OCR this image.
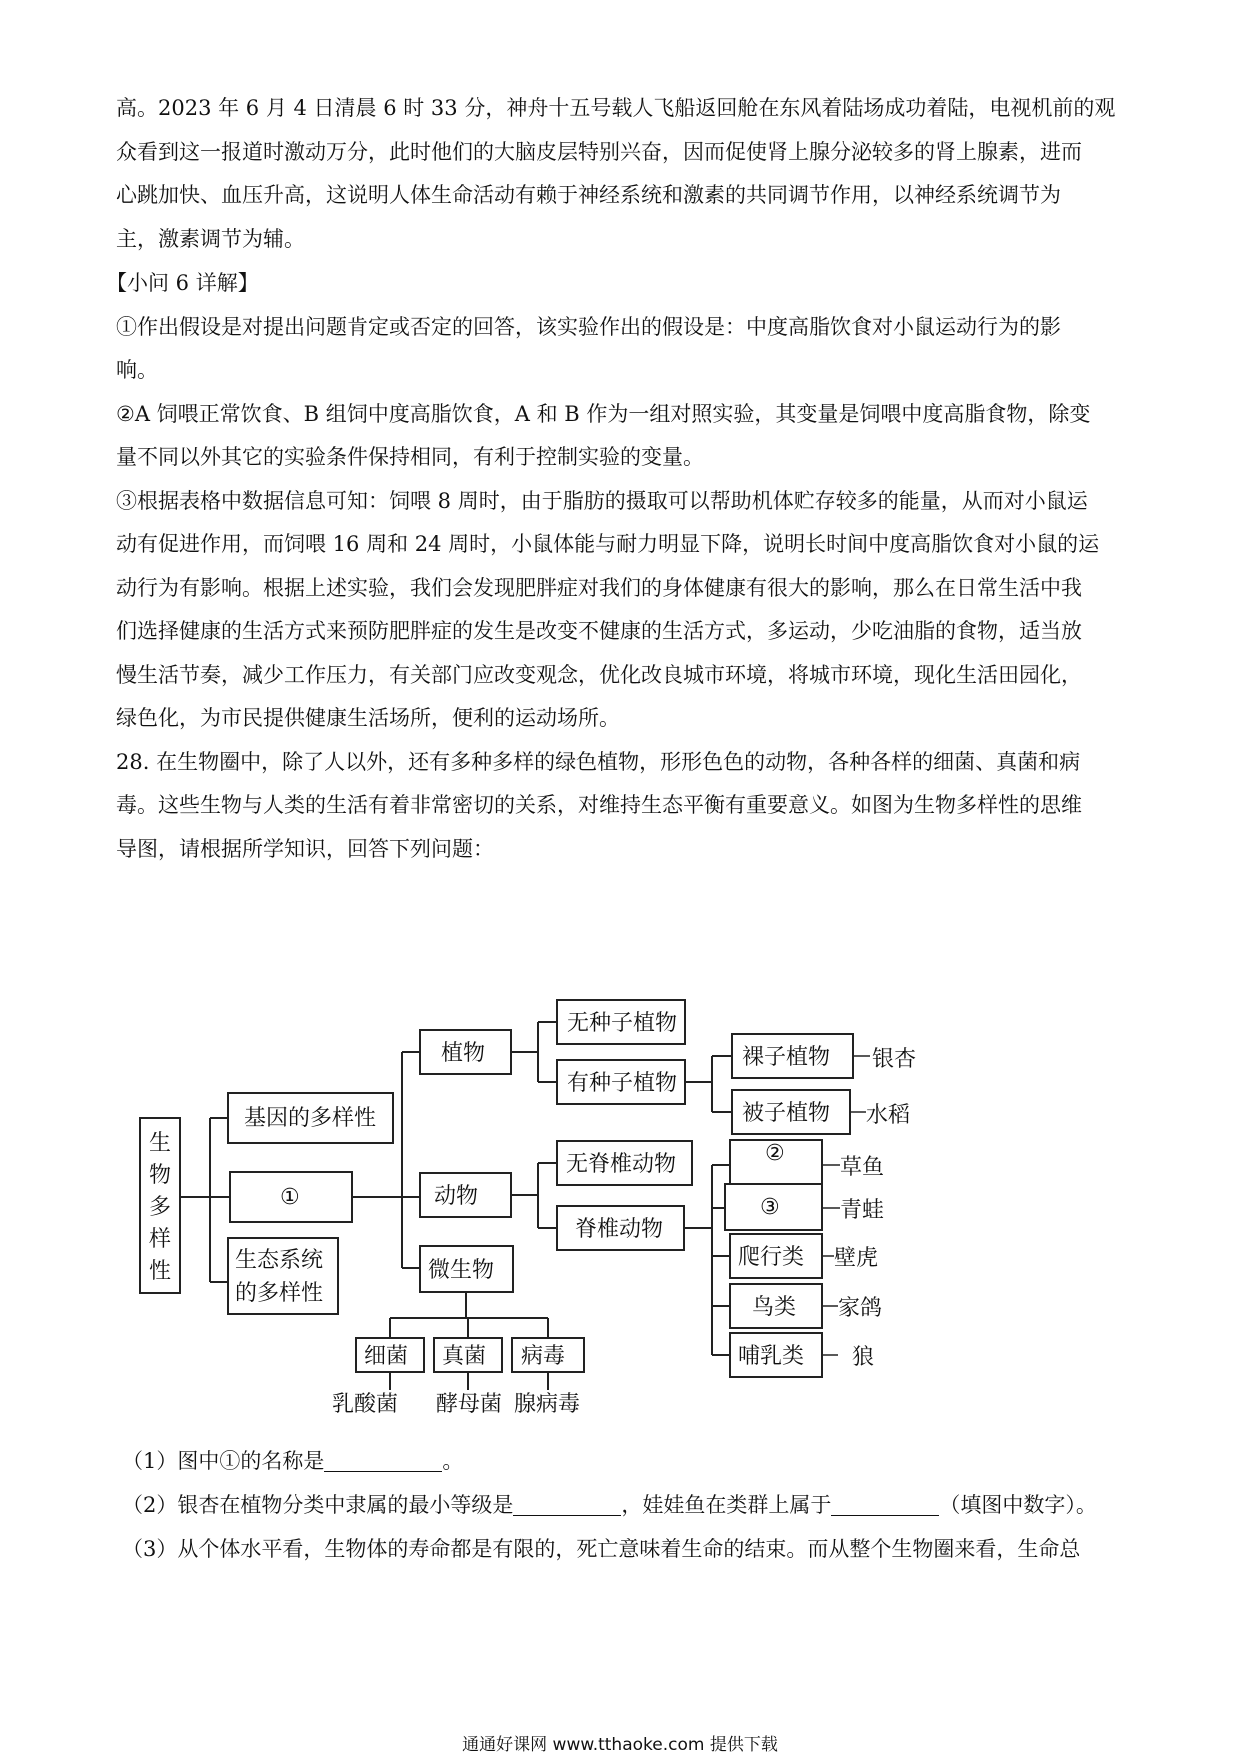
高。2023 年 6 月 4 日清晨 6 时 33 分，神舟十五号载人飞船返回舱在东风着陆场成功着陆，电视机前的观
众看到这一报道时激动万分，此时他们的大脑皮层特别兴奋，因而促使肾上腺分泌较多的肾上腺素，进而
心跳加快、血压升高，这说明人体生命活动有赖于神经系统和激素的共同调节作用，以神经系统调节为
主，激素调节为辅。
【小问 6 详解】
①作出假设是对提出问题肯定或否定的回答，该实验作出的假设是：中度高脂饮食对小鼠运动行为的影
响。
②A 饲喂正常饮食、B 组饲中度高脂饮食，A 和 B 作为一组对照实验，其变量是饲喂中度高脂食物，除变
量不同以外其它的实验条件保持相同，有利于控制实验的变量。
③根据表格中数据信息可知：饲喂 8 周时，由于脂肪的摄取可以帮助机体贮存较多的能量，从而对小鼠运
动有促进作用，而饲喂 16 周和 24 周时，小鼠体能与耐力明显下降，说明长时间中度高脂饮食对小鼠的运
动行为有影响。根据上述实验，我们会发现肥胖症对我们的身体健康有很大的影响，那么在日常生活中我
们选择健康的生活方式来预防肥胖症的发生是改变不健康的生活方式，多运动，少吃油脂的食物，适当放
慢生活节奏，减少工作压力，有关部门应改变观念，优化改良城市环境，将城市环境，现化生活田园化，
绿色化，为市民提供健康生活场所，便利的运动场所。
28. 在生物圈中，除了人以外，还有多种多样的绿色植物，形形色色的动物，各种各样的细菌、真菌和病
毒。这些生物与人类的生活有着非常密切的关系，对维持生态平衡有重要意义。如图为生物多样性的思维
导图，请根据所学知识，回答下列问题：
生
物
多
样
性
基因的多样性
①
生态系统
的多样性
植物
无种子植物
有种子植物
裸子植物
被子植物
银杏
水稻
动物
无脊椎动物
脊椎动物
②
③
爬行类
鸟类
哺乳类
草鱼
青蛙
壁虎
家鸽
狼
微生物
细菌 真菌 病毒
乳酸菌 酵母菌 腺病毒
（1）图中①的名称是	。
（2）银杏在植物分类中隶属的最小等级是	，娃娃鱼在类群上属于	（填图中数字）。
（3）从个体水平看，生物体的寿命都是有限的，死亡意味着生命的结束。而从整个生物圈来看，生命总
通通好课网 www.tthaoke.com 提供下载
